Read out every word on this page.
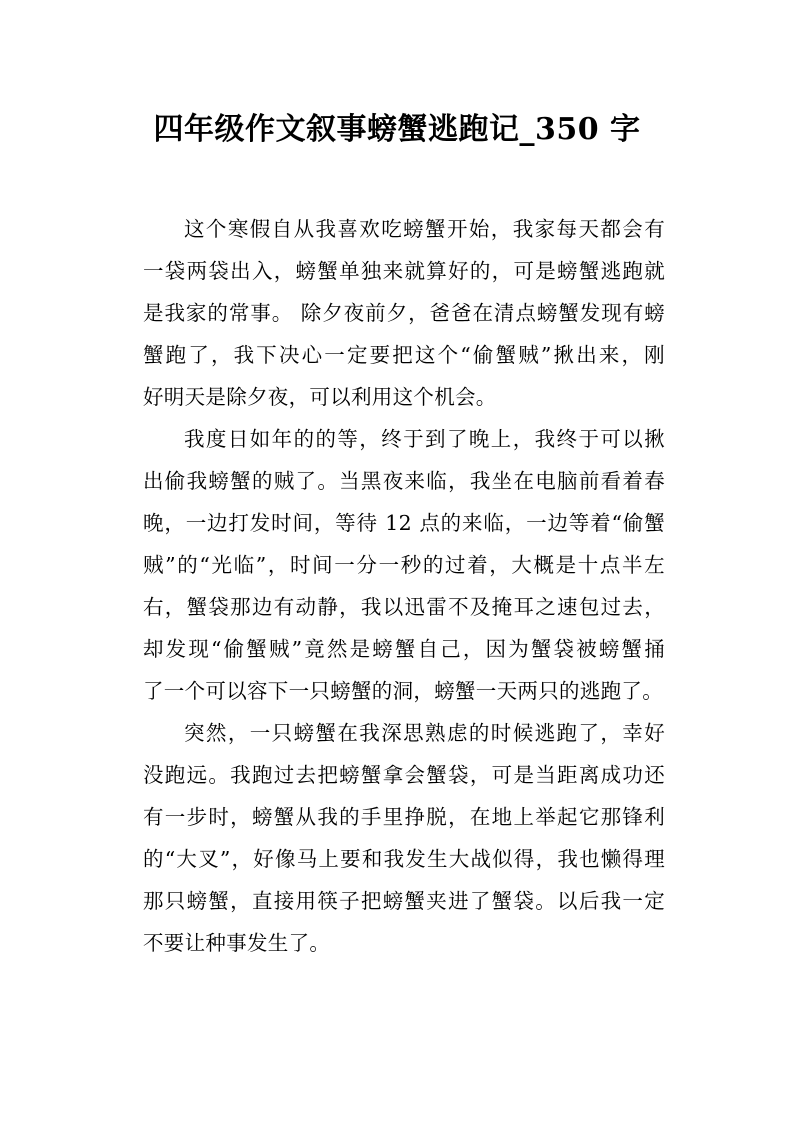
四年级作文叙事螃蟹逃跑记_350 字
这个寒假自从我喜欢吃螃蟹开始，我家每天都会有
一袋两袋出入，螃蟹单独来就算好的，可是螃蟹逃跑就
是我家的常事。 除夕夜前夕，爸爸在清点螃蟹发现有螃
蟹跑了，我下决心一定要把这个“偷蟹贼”揪出来，刚
好明天是除夕夜，可以利用这个机会。
我度日如年的的等，终于到了晚上，我终于可以揪
出偷我螃蟹的贼了。当黑夜来临，我坐在电脑前看着春
晚，一边打发时间，等待 12 点的来临，一边等着“偷蟹
贼”的“光临”，时间一分一秒的过着，大概是十点半左
右，蟹袋那边有动静，我以迅雷不及掩耳之速包过去，
却发现“偷蟹贼”竟然是螃蟹自己，因为蟹袋被螃蟹捅
了一个可以容下一只螃蟹的洞，螃蟹一天两只的逃跑了。
突然，一只螃蟹在我深思熟虑的时候逃跑了，幸好
没跑远。我跑过去把螃蟹拿会蟹袋，可是当距离成功还
有一步时，螃蟹从我的手里挣脱，在地上举起它那锋利
的“大叉”，好像马上要和我发生大战似得，我也懒得理
那只螃蟹，直接用筷子把螃蟹夹进了蟹袋。以后我一定
不要让种事发生了。
